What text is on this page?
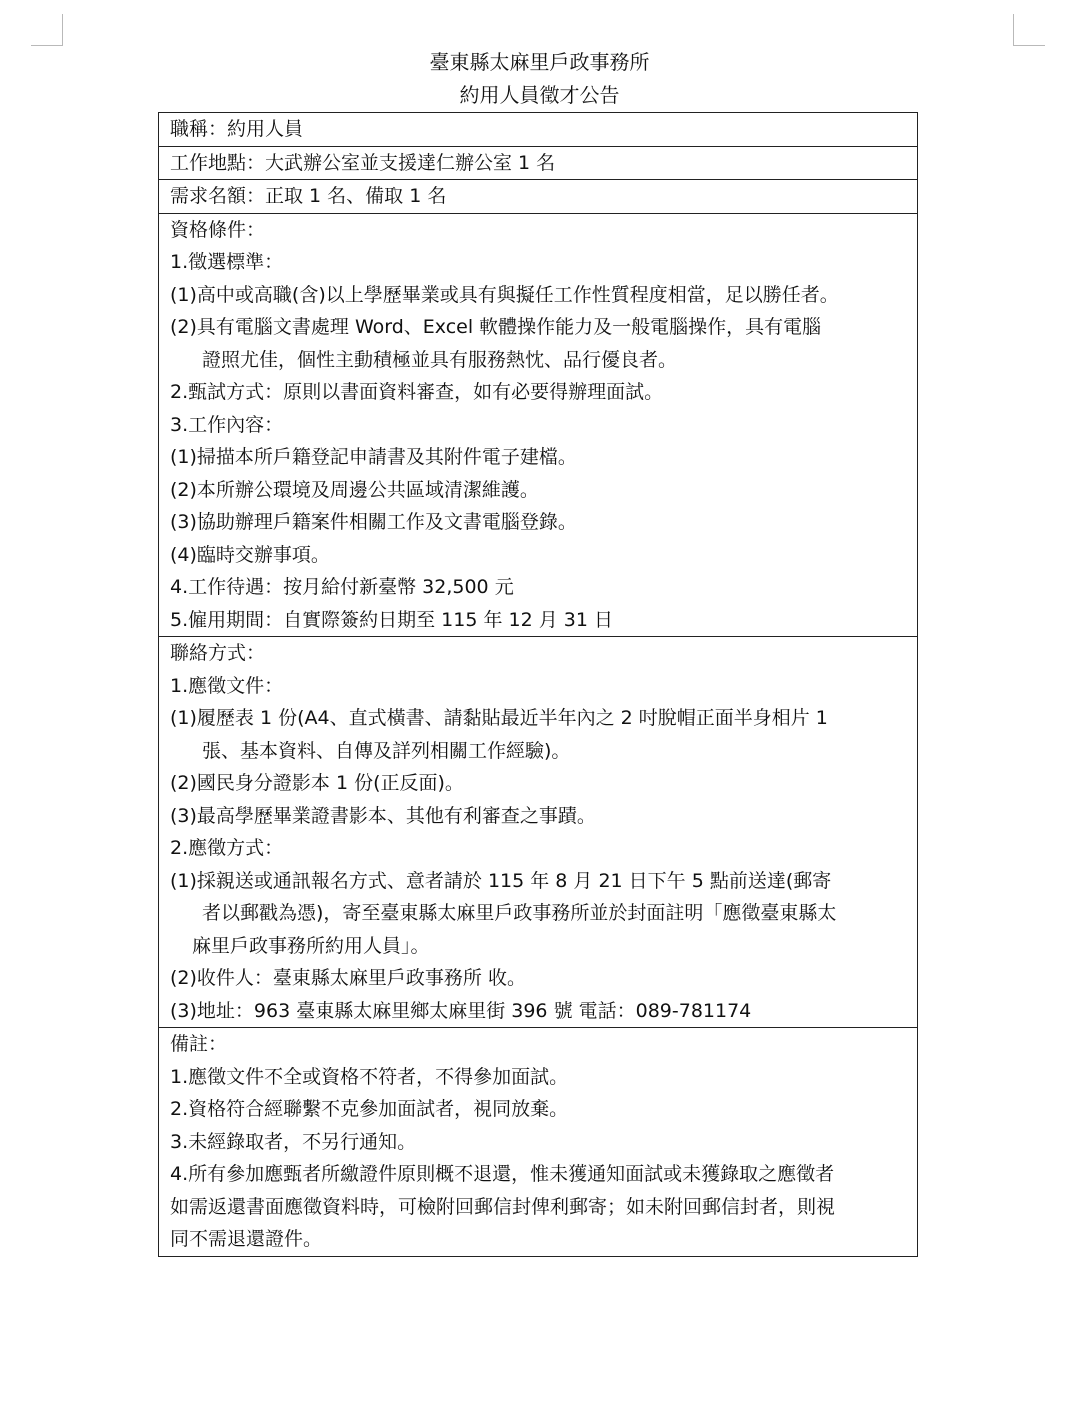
臺東縣太麻里戶政事務所
約用人員徵才公告
職稱：約用人員

工作地點：大武辦公室並支援達仁辦公室 1 名

需求名額：正取 1 名、備取 1 名

資格條件：
1.徵選標準：
(1)高中或高職(含)以上學歷畢業或具有與擬任工作性質程度相當，足以勝任者。
(2)具有電腦文書處理 Word、Excel 軟體操作能力及一般電腦操作，具有電腦
證照尤佳，個性主動積極並具有服務熱忱、品行優良者。
2.甄試方式：原則以書面資料審查，如有必要得辦理面試。
3.工作內容：
(1)掃描本所戶籍登記申請書及其附件電子建檔。
(2)本所辦公環境及周邊公共區域清潔維護。
(3)協助辦理戶籍案件相關工作及文書電腦登錄。
(4)臨時交辦事項。
4.工作待遇：按月給付新臺幣 32,500 元
5.僱用期間：自實際簽約日期至 115 年 12 月 31 日

聯絡方式：
1.應徵文件：
(1)履歷表 1 份(A4、直式橫書、請黏貼最近半年內之 2 吋脫帽正面半身相片 1
張、基本資料、自傳及詳列相關工作經驗)。
(2)國民身分證影本 1 份(正反面)。
(3)最高學歷畢業證書影本、其他有利審查之事蹟。
2.應徵方式：
(1)採親送或通訊報名方式、意者請於 115 年 8 月 21 日下午 5 點前送達(郵寄
者以郵戳為憑)，寄至臺東縣太麻里戶政事務所並於封面註明「應徵臺東縣太
麻里戶政事務所約用人員」。
(2)收件人：臺東縣太麻里戶政事務所 收。
(3)地址：963 臺東縣太麻里鄉太麻里街 396 號 電話：089-781174

備註：
1.應徵文件不全或資格不符者，不得參加面試。
2.資格符合經聯繫不克參加面試者，視同放棄。
3.未經錄取者，不另行通知。
4.所有參加應甄者所繳證件原則概不退還，惟未獲通知面試或未獲錄取之應徵者
如需返還書面應徵資料時，可檢附回郵信封俾利郵寄；如未附回郵信封者，則視
同不需退還證件。
